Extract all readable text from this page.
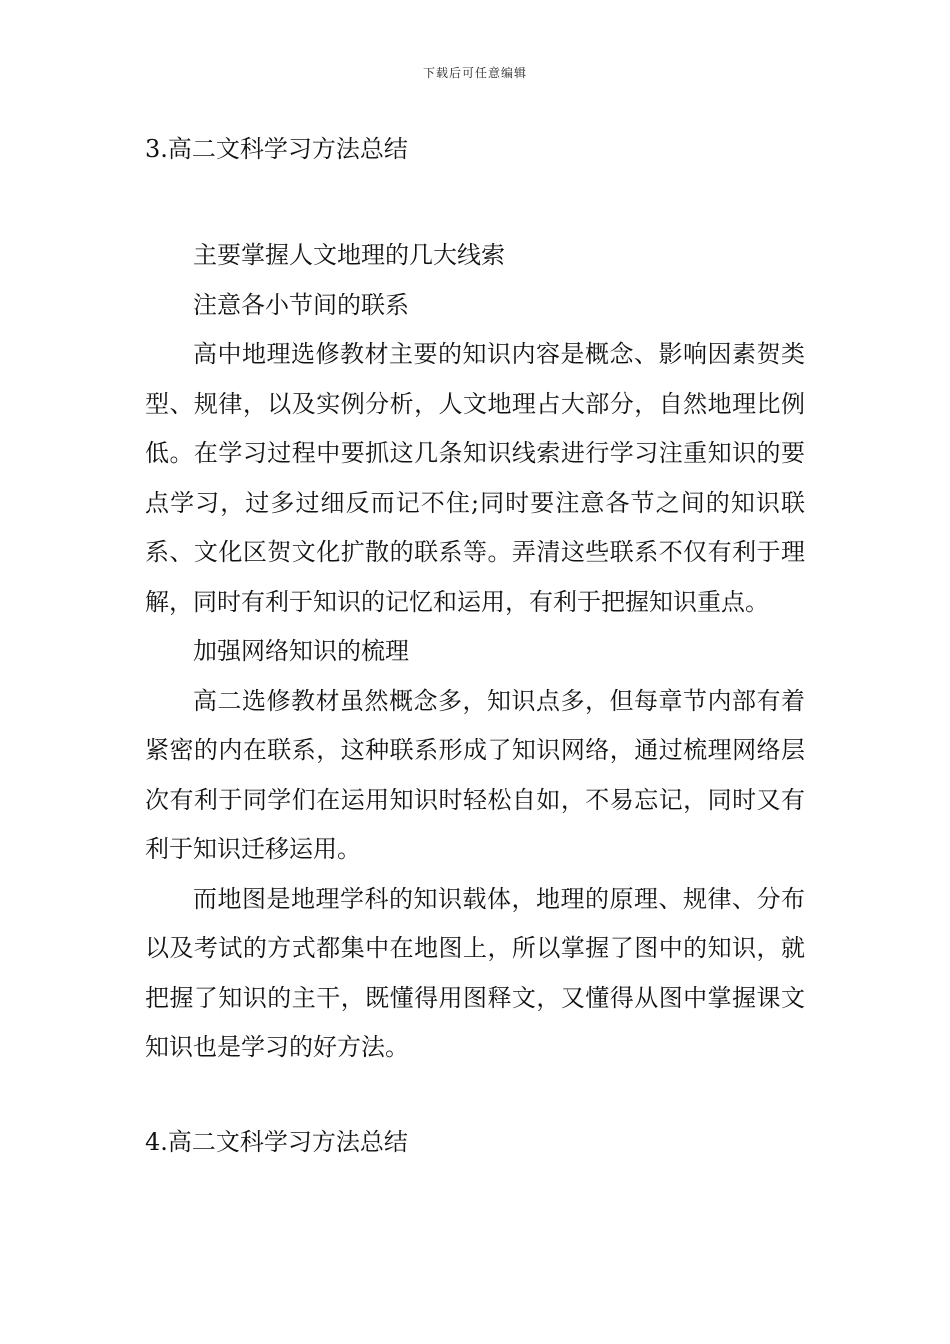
下载后可任意编辑
3.高二文科学习方法总结

主要掌握人文地理的几大线索

注意各小节间的联系

高中地理选修教材主要的知识内容是概念、影响因素贺类型、规律，以及实例分析，人文地理占大部分，自然地理比例低。在学习过程中要抓这几条知识线索进行学习注重知识的要点学习，过多过细反而记不住;同时要注意各节之间的知识联系、文化区贺文化扩散的联系等。弄清这些联系不仅有利于理解，同时有利于知识的记忆和运用，有利于把握知识重点。

加强网络知识的梳理

高二选修教材虽然概念多，知识点多，但每章节内部有着紧密的内在联系，这种联系形成了知识网络，通过梳理网络层次有利于同学们在运用知识时轻松自如，不易忘记，同时又有利于知识迁移运用。

而地图是地理学科的知识载体，地理的原理、规律、分布以及考试的方式都集中在地图上，所以掌握了图中的知识，就把握了知识的主干，既懂得用图释文，又懂得从图中掌握课文知识也是学习的好方法。

4.高二文科学习方法总结
